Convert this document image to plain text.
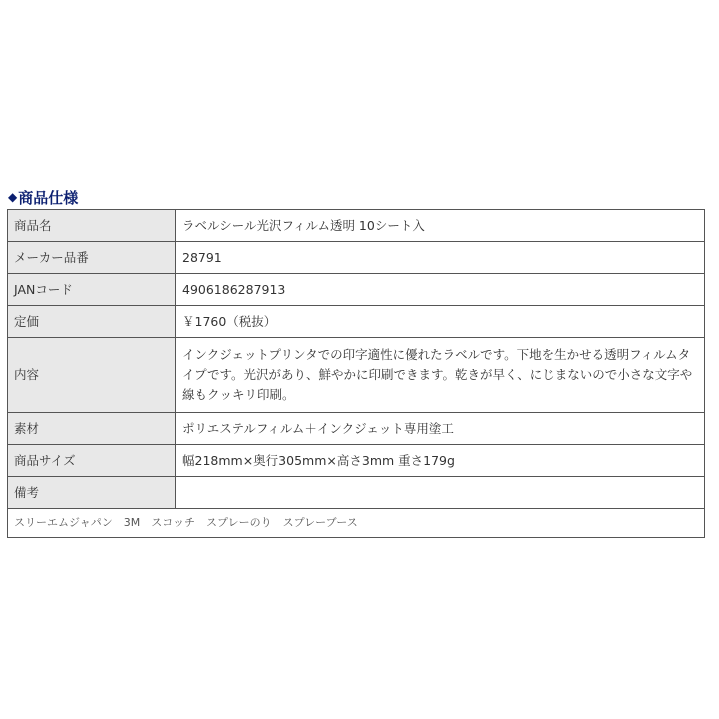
◆ 商品仕様
商品名	ラベルシール光沢フィルム透明 10シート入
メーカー品番	28791
JANコード	4906186287913
定価	￥1760（税抜）
内容	インクジェットプリンタでの印字適性に優れたラベルです。下地を生かせる透明フィルムタイプです。光沢があり、鮮やかに印刷できます。乾きが早く、にじまないので小さな文字や線もクッキリ印刷。
素材	ポリエステルフィルム＋インクジェット専用塗工
商品サイズ	幅218mm×奥行305mm×高さ3mm 重さ179g
備考	
スリーエムジャパン　3M　スコッチ　スプレーのり　スプレーブース	
